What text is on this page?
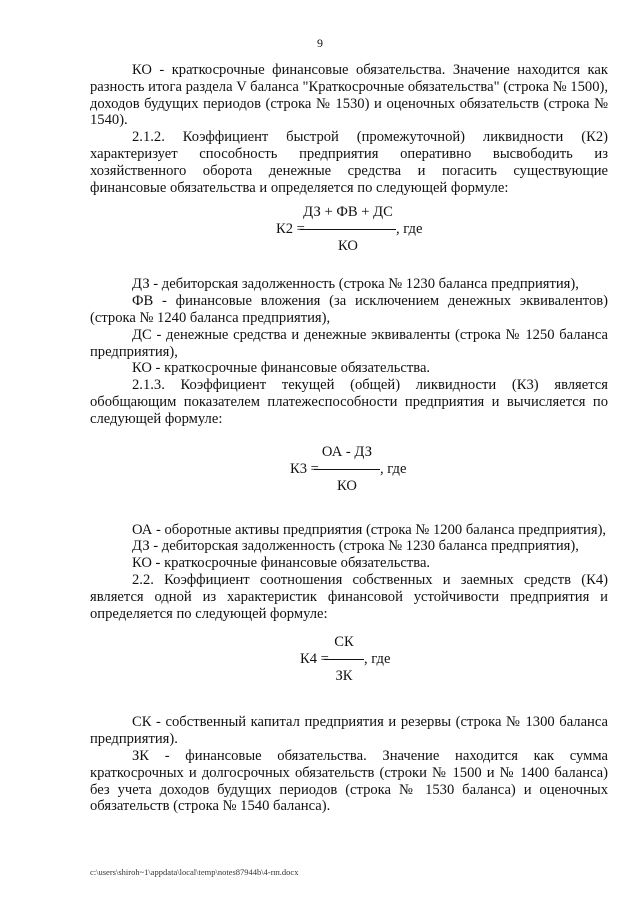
9

КО - краткосрочные финансовые обязательства. Значение находится как разность итога раздела V баланса "Краткосрочные обязательства" (строка № 1500), доходов будущих периодов (строка № 1530) и оценочных обязательств (строка № 1540).

2.1.2. Коэффициент быстрой (промежуточной) ликвидности (К2) характеризует способность предприятия оперативно высвободить из хозяйственного оборота денежные средства и погасить существующие финансовые обязательства и определяется по следующей формуле:

К2 =
ДЗ + ФВ + ДС
КО
, где

ДЗ - дебиторская задолженность (строка № 1230 баланса предприятия),

ФВ - финансовые вложения (за исключением денежных эквивалентов) (строка № 1240 баланса предприятия),

ДС - денежные средства и денежные эквиваленты (строка № 1250 баланса предприятия),

КО - краткосрочные финансовые обязательства.

2.1.3. Коэффициент текущей (общей) ликвидности (К3) является обобщающим показателем платежеспособности предприятия и вычисляется по следующей формуле:

К3 =
ОА - ДЗ
КО
, где

ОА - оборотные активы предприятия (строка № 1200 баланса предприятия),

ДЗ - дебиторская задолженность (строка № 1230 баланса предприятия),

КО - краткосрочные финансовые обязательства.

2.2. Коэффициент соотношения собственных и заемных средств (К4) является одной из характеристик финансовой устойчивости предприятия и определяется по следующей формуле:

К4 =
СК
ЗК
, где

СК - собственный капитал предприятия и резервы (строка № 1300 баланса предприятия).

ЗК - финансовые обязательства. Значение находится как сумма краткосрочных и долгосрочных обязательств (строки № 1500 и № 1400 баланса) без учета доходов будущих периодов (строка № 1530 баланса) и оценочных обязательств (строка № 1540 баланса).

c:\users\shiroh~1\appdata\local\temp\notes87944b\4-пп.docx
